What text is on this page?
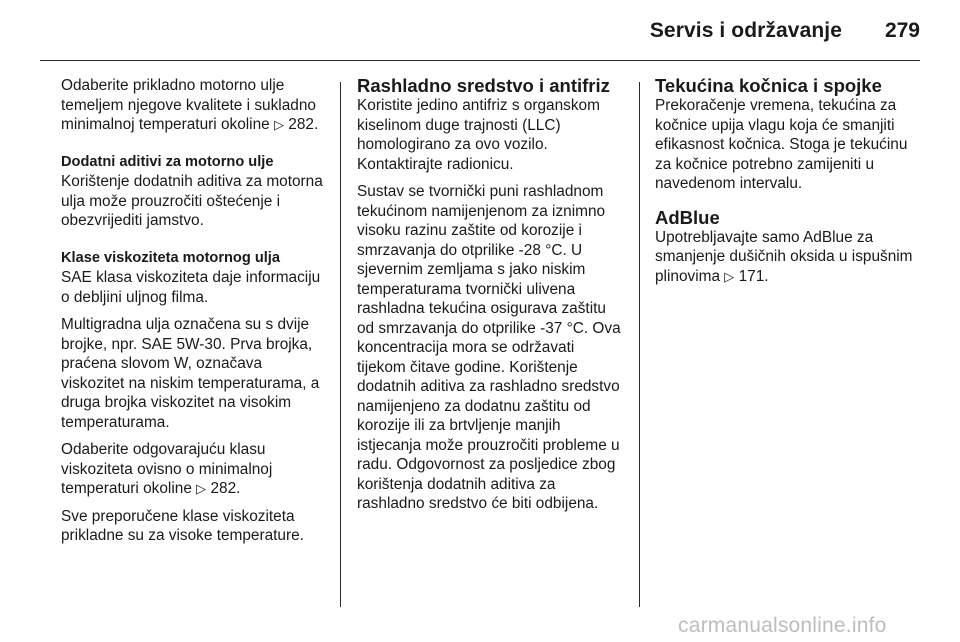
Servis i održavanje 279

Odaberite prikladno motorno ulje temeljem njegove kvalitete i sukladno minimalnoj temperaturi okoline ▷ 282.

Dodatni aditivi za motorno ulje

Korištenje dodatnih aditiva za motorna ulja može prouzročiti oštećenje i obezvrijediti jamstvo.

Klase viskoziteta motornog ulja

SAE klasa viskoziteta daje informaciju o debljini uljnog filma.

Multigradna ulja označena su s dvije brojke, npr. SAE 5W-30. Prva brojka, praćena slovom W, označava viskozitet na niskim temperaturama, a druga brojka viskozitet na visokim temperaturama.

Odaberite odgovarajuću klasu viskoziteta ovisno o minimalnoj temperaturi okoline ▷ 282.

Sve preporučene klase viskoziteta prikladne su za visoke temperature.

Rashladno sredstvo i antifriz

Koristite jedino antifriz s organskom kiselinom duge trajnosti (LLC) homologirano za ovo vozilo. Kontaktirajte radionicu.

Sustav se tvornički puni rashladnom tekućinom namijenjenom za iznimno visoku razinu zaštite od korozije i smrzavanja do otprilike -28 °C. U sjevernim zemljama s jako niskim temperaturama tvornički ulivena rashladna tekućina osigurava zaštitu od smrzavanja do otprilike -37 °C. Ova koncentracija mora se održavati tijekom čitave godine. Korištenje dodatnih aditiva za rashladno sredstvo namijenjeno za dodatnu zaštitu od korozije ili za brtvljenje manjih istjecanja može prouzročiti probleme u radu. Odgovornost za posljedice zbog korištenja dodatnih aditiva za rashladno sredstvo će biti odbijena.

Tekućina kočnica i spojke

Prekoračenje vremena, tekućina za kočnice upija vlagu koja će smanjiti efikasnost kočnica. Stoga je tekućinu za kočnice potrebno zamijeniti u navedenom intervalu.

AdBlue

Upotrebljavajte samo AdBlue za smanjenje dušičnih oksida u ispušnim plinovima ▷ 171.

carmanualsonline.info
